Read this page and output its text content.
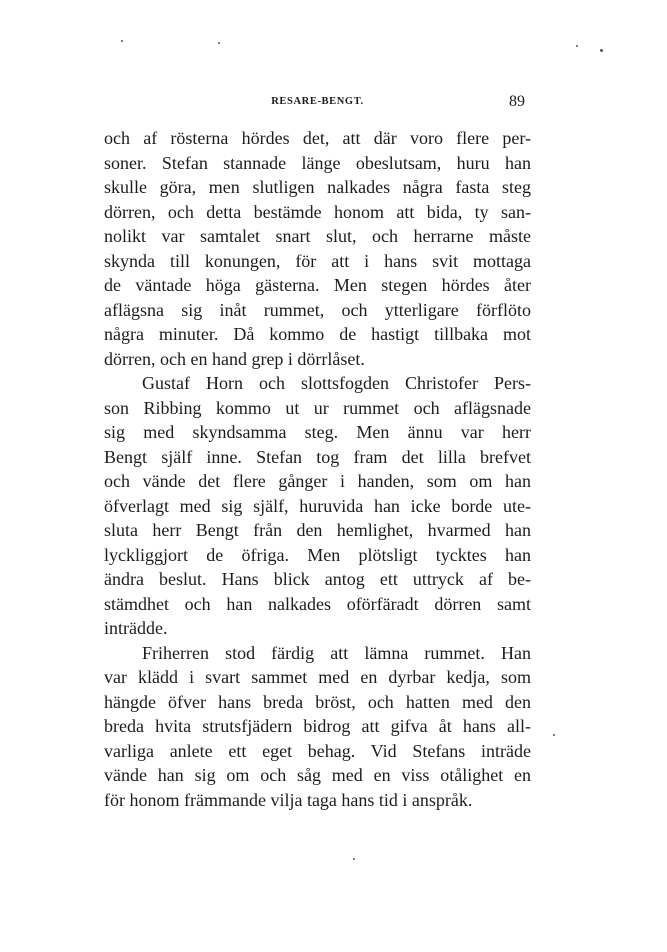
RESARE-BENGT.	89
och af rösterna hördes det, att där voro flere per-
soner. Stefan stannade länge obeslutsam, huru han
skulle göra, men slutligen nalkades några fasta steg
dörren, och detta bestämde honom att bida, ty san-
nolikt var samtalet snart slut, och herrarne måste
skynda till konungen, för att i hans svit mottaga
de väntade höga gästerna. Men stegen hördes åter
aflägsna sig inåt rummet, och ytterligare förflöto
några minuter. Då kommo de hastigt tillbaka mot
dörren, och en hand grep i dörrlåset.
Gustaf Horn och slottsfogden Christofer Pers-
son Ribbing kommo ut ur rummet och aflägsnade
sig med skyndsamma steg. Men ännu var herr
Bengt själf inne. Stefan tog fram det lilla brefvet
och vände det flere gånger i handen, som om han
öfverlagt med sig själf, huruvida han icke borde ute-
sluta herr Bengt från den hemlighet, hvarmed han
lyckliggjort de öfriga. Men plötsligt tycktes han
ändra beslut. Hans blick antog ett uttryck af be-
stämdhet och han nalkades oförfäradt dörren samt
inträdde.
Friherren stod färdig att lämna rummet. Han
var klädd i svart sammet med en dyrbar kedja, som
hängde öfver hans breda bröst, och hatten med den
breda hvita strutsfjädern bidrog att gifva åt hans all-
varliga anlete ett eget behag. Vid Stefans inträde
vände han sig om och såg med en viss otålighet en
för honom främmande vilja taga hans tid i anspråk.
